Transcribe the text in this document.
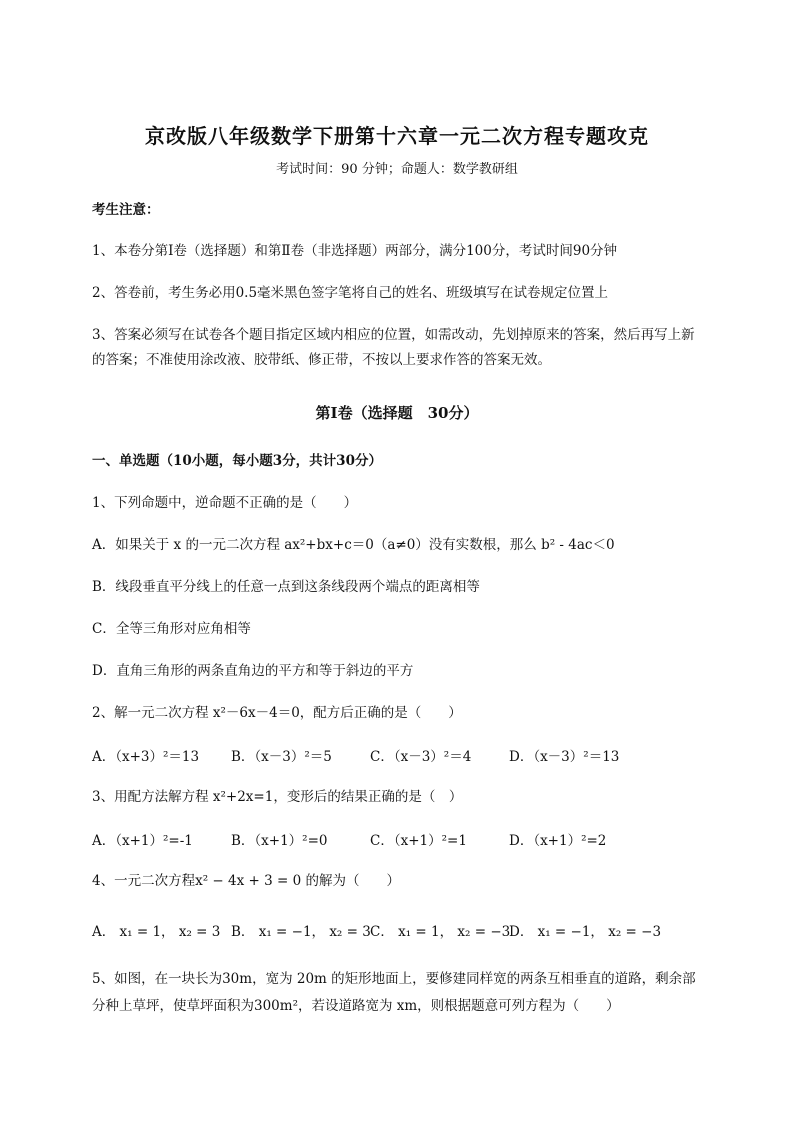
京改版八年级数学下册第十六章一元二次方程专题攻克
考试时间：90 分钟；命题人：数学教研组
考生注意：
1、本卷分第Ⅰ卷（选择题）和第Ⅱ卷（非选择题）两部分，满分100分，考试时间90分钟
2、答卷前，考生务必用0.5毫米黑色签字笔将自己的姓名、班级填写在试卷规定位置上
3、答案必须写在试卷各个题目指定区域内相应的位置，如需改动，先划掉原来的答案，然后再写上新
的答案；不准使用涂改液、胶带纸、修正带，不按以上要求作答的答案无效。
第Ⅰ卷（选择题　30分）
一、单选题（10小题，每小题3分，共计30分）
1、下列命题中，逆命题不正确的是（　　）
A．如果关于 x 的一元二次方程 ax²+bx+c＝0（a≠0）没有实数根，那么 b² - 4ac＜0
B．线段垂直平分线上的任意一点到这条线段两个端点的距离相等
C．全等三角形对应角相等
D．直角三角形的两条直角边的平方和等于斜边的平方
2、解一元二次方程 x²－6x－4＝0，配方后正确的是（　　）
A．（x+3）²＝13	B．（x－3）²＝5	C．（x－3）²＝4	D．（x－3）²＝13
3、用配方法解方程 x²+2x=1，变形后的结果正确的是（　）
A．（x+1）²=-1	B．（x+1）²=0	C．（x+1）²=1	D．（x+1）²=2
4、一元二次方程x² − 4x + 3 = 0 的解为（　　）
A． x₁ = 1， x₂ = 3 B． x₁ = −1， x₂ = 3 C． x₁ = 1， x₂ = −3
D． x₁ = −1， x₂ = −3
5、如图，在一块长为30m，宽为 20m 的矩形地面上，要修建同样宽的两条互相垂直的道路，剩余部
分种上草坪，使草坪面积为300m²，若设道路宽为 xm，则根据题意可列方程为（　　）
